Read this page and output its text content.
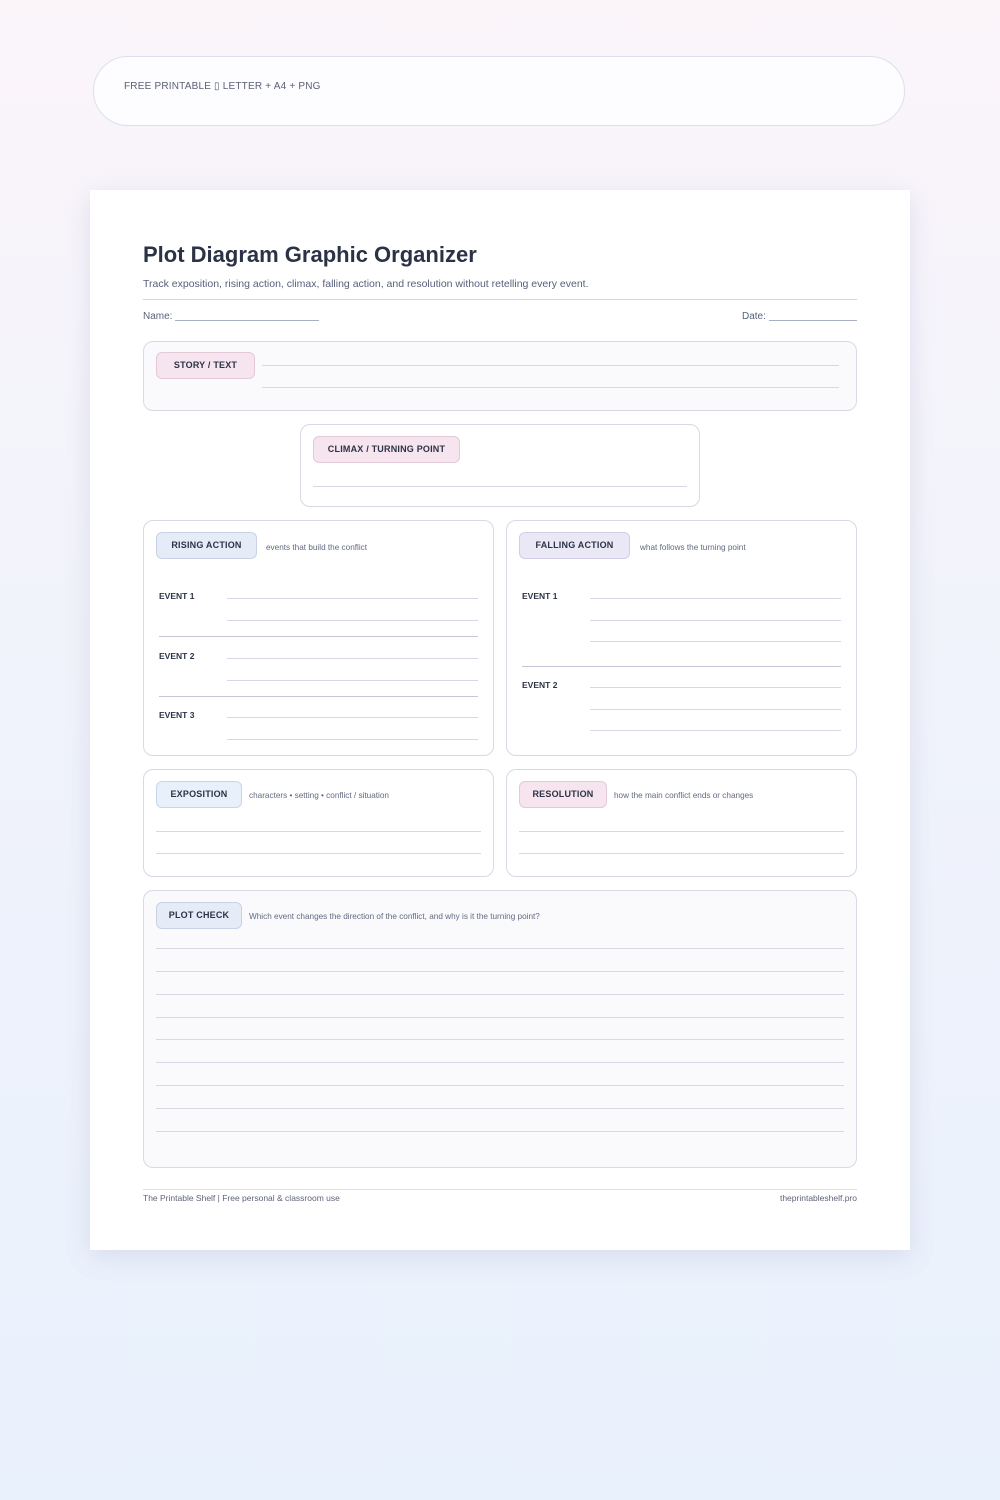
FREE PRINTABLE ▯ LETTER + A4 + PNG
Plot Diagram Graphic Organizer
Track exposition, rising action, climax, falling action, and resolution without retelling every event.
Name:	Date:
STORY / TEXT
CLIMAX / TURNING POINT
RISING ACTION	events that build the conflict
EVENT 1
EVENT 2
EVENT 3
FALLING ACTION	what follows the turning point
EVENT 1
EVENT 2
EXPOSITION	characters • setting • conflict / situation	RESOLUTION	how the main conflict ends or changes
PLOT CHECK	Which event changes the direction of the conflict, and why is it the turning point?
The Printable Shelf | Free personal & classroom use	theprintableshelf.pro
